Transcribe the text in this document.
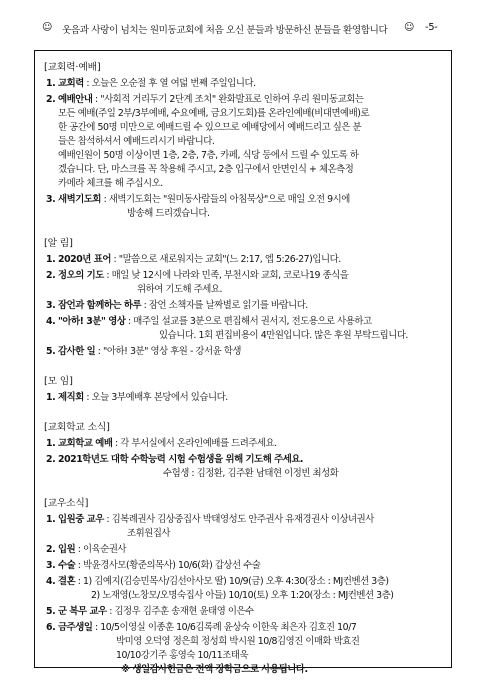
☺ 웃음과 사랑이 넘치는 원미동교회에 처음 오신 분들과 방문하신 분들을 환영합니다 ☺ -5-
[교회력·예배]
1. 교회력 : 오늘은 오순절 후 열 여덟 번째 주일입니다.
2. 예배안내 : "사회적 거리두기 2단계 조치" 완화발표로 인하여 우리 원미동교회는
모든 예배(주일 2부/3부예배, 수요예배, 금요기도회)를 온라인예배(비대면예배)로
한 공간에 50명 미만으로 예배드릴 수 있으므로 예배당에서 예배드리고 싶은 분
들은 참석하셔서 예배드리시기 바랍니다.
예배인원이 50명 이상이면 1층, 2층, 7층, 카페, 식당 등에서 드릴 수 있도록 하
겠습니다. 단, 마스크를 꼭 착용해 주시고, 2층 입구에서 안면인식 + 체온측정
카메라 체크를 해 주십시오.
3. 새벽기도회 : 새벽기도회는 "원미동사람들의 아침묵상"으로 매일 오전 9시에
방송해 드리겠습니다.
[알 림]
1. 2020년 표어 : "말씀으로 새로워지는 교회"(느 2:17, 엡 5:26-27)입니다.
2. 정오의 기도 : 매일 낮 12시에 나라와 민족, 부천시와 교회, 코로나19 종식을
위하여 기도해 주세요.
3. 잠언과 함께하는 하루 : 잠언 소책자를 날짜별로 읽기를 바랍니다.
4. "아하! 3분" 영상 : 매주일 설교를 3분으로 편집해서 권서지, 전도용으로 사용하고
있습니다. 1회 편집비용이 4만원입니다. 많은 후원 부탁드립니다.
5. 감사한 일 : "아하! 3분" 영상 후원 - 강서윤 학생
[모 임]
1. 제직회 : 오늘 3부예배후 본당에서 있습니다.
[교회학교 소식]
1. 교회학교 예배 : 각 부서실에서 온라인예배를 드려주세요.
2. 2021학년도 대학 수학능력 시험 수험생을 위해 기도해 주세요.
수험생 : 김정환, 김주환 남태현 이정빈 최성화
[교우소식]
1. 입원중 교우 : 김복례권사 김상중집사 박태영성도 안주권사 유재경권사 이상녀권사
조휘원집사
2. 입원 : 이육순권사
3. 수술 : 박윤경사모(황준의목사) 10/6(화) 갑상선 수술
4. 결혼 : 1) 김예지(김승민목사/김선아사모 딸) 10/9(금) 오후 4:30(장소 : MJ컨벤션 3층)
2) 노재영(노창모/오명숙집사 아들) 10/10(토) 오후 1:20(장소 : MJ컨벤션 3층)
5. 군 복무 교우 : 김정우 김주훈 송재현 윤태영 이은수
6. 금주생일 : 10/5이영실 이종훈 10/6김록례 윤상숙 이한욱 최은자 김호진 10/7
박미영 오덕영 정은희 정성희 박시원 10/8김영진 이매화 박효진
10/10강기주 홍영숙 10/11조태욱
※ 생일감사헌금은 전액 장학금으로 사용됩니다.
